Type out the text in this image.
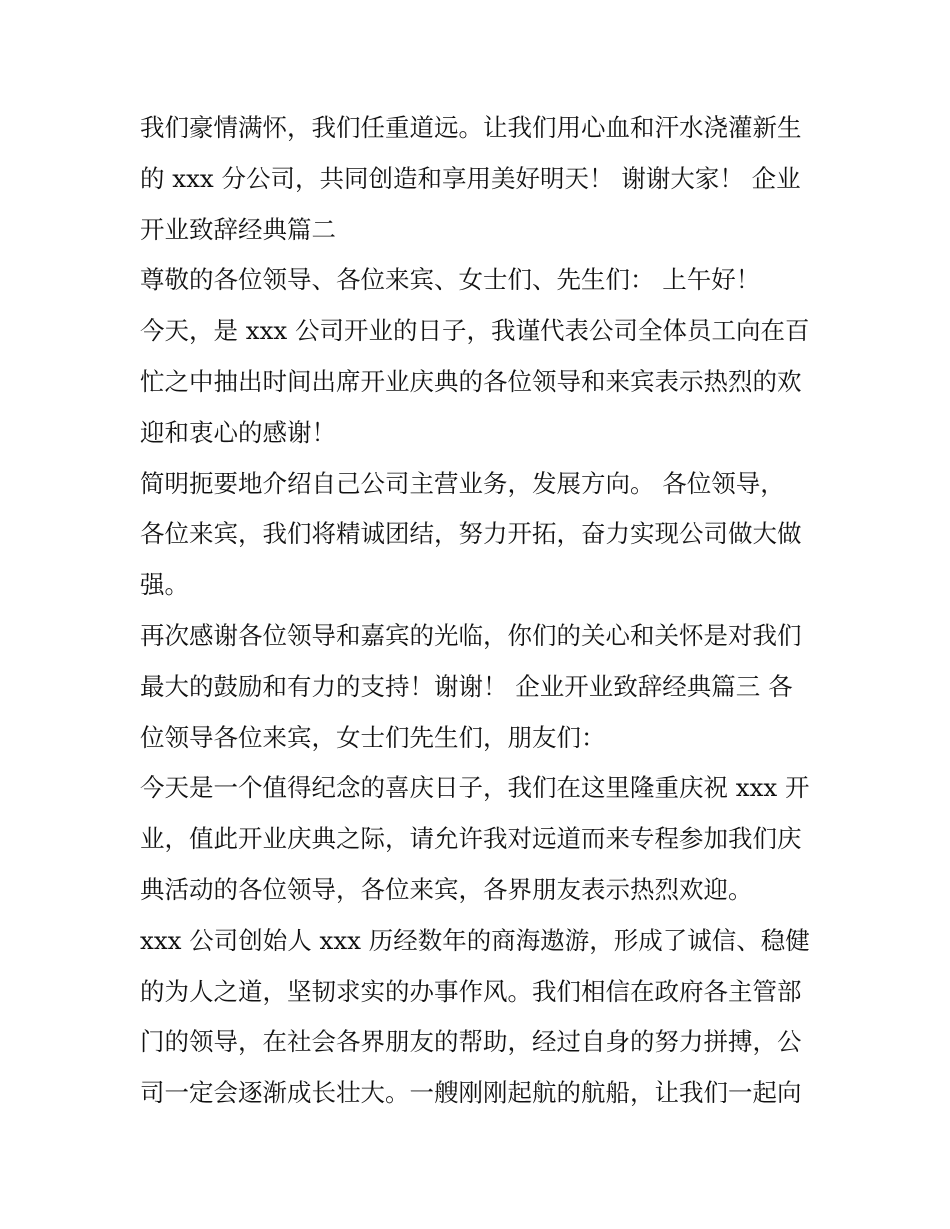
我们豪情满怀，我们任重道远。让我们用心血和汗水浇灌新生
的 xxx 分公司，共同创造和享用美好明天！ 谢谢大家！ 企业
开业致辞经典篇二
尊敬的各位领导、各位来宾、女士们、先生们： 上午好！
今天，是 xxx 公司开业的日子，我谨代表公司全体员工向在百
忙之中抽出时间出席开业庆典的各位领导和来宾表示热烈的欢
迎和衷心的感谢！
简明扼要地介绍自己公司主营业务，发展方向。 各位领导，
各位来宾，我们将精诚团结，努力开拓，奋力实现公司做大做
强。
再次感谢各位领导和嘉宾的光临，你们的关心和关怀是对我们
最大的鼓励和有力的支持！谢谢！ 企业开业致辞经典篇三 各
位领导各位来宾，女士们先生们，朋友们：
今天是一个值得纪念的喜庆日子，我们在这里隆重庆祝 xxx 开
业，值此开业庆典之际，请允许我对远道而来专程参加我们庆
典活动的各位领导，各位来宾，各界朋友表示热烈欢迎。
xxx 公司创始人 xxx 历经数年的商海遨游，形成了诚信、稳健
的为人之道，坚韧求实的办事作风。我们相信在政府各主管部
门的领导，在社会各界朋友的帮助，经过自身的努力拼搏，公
司一定会逐渐成长壮大。一艘刚刚起航的航船，让我们一起向
